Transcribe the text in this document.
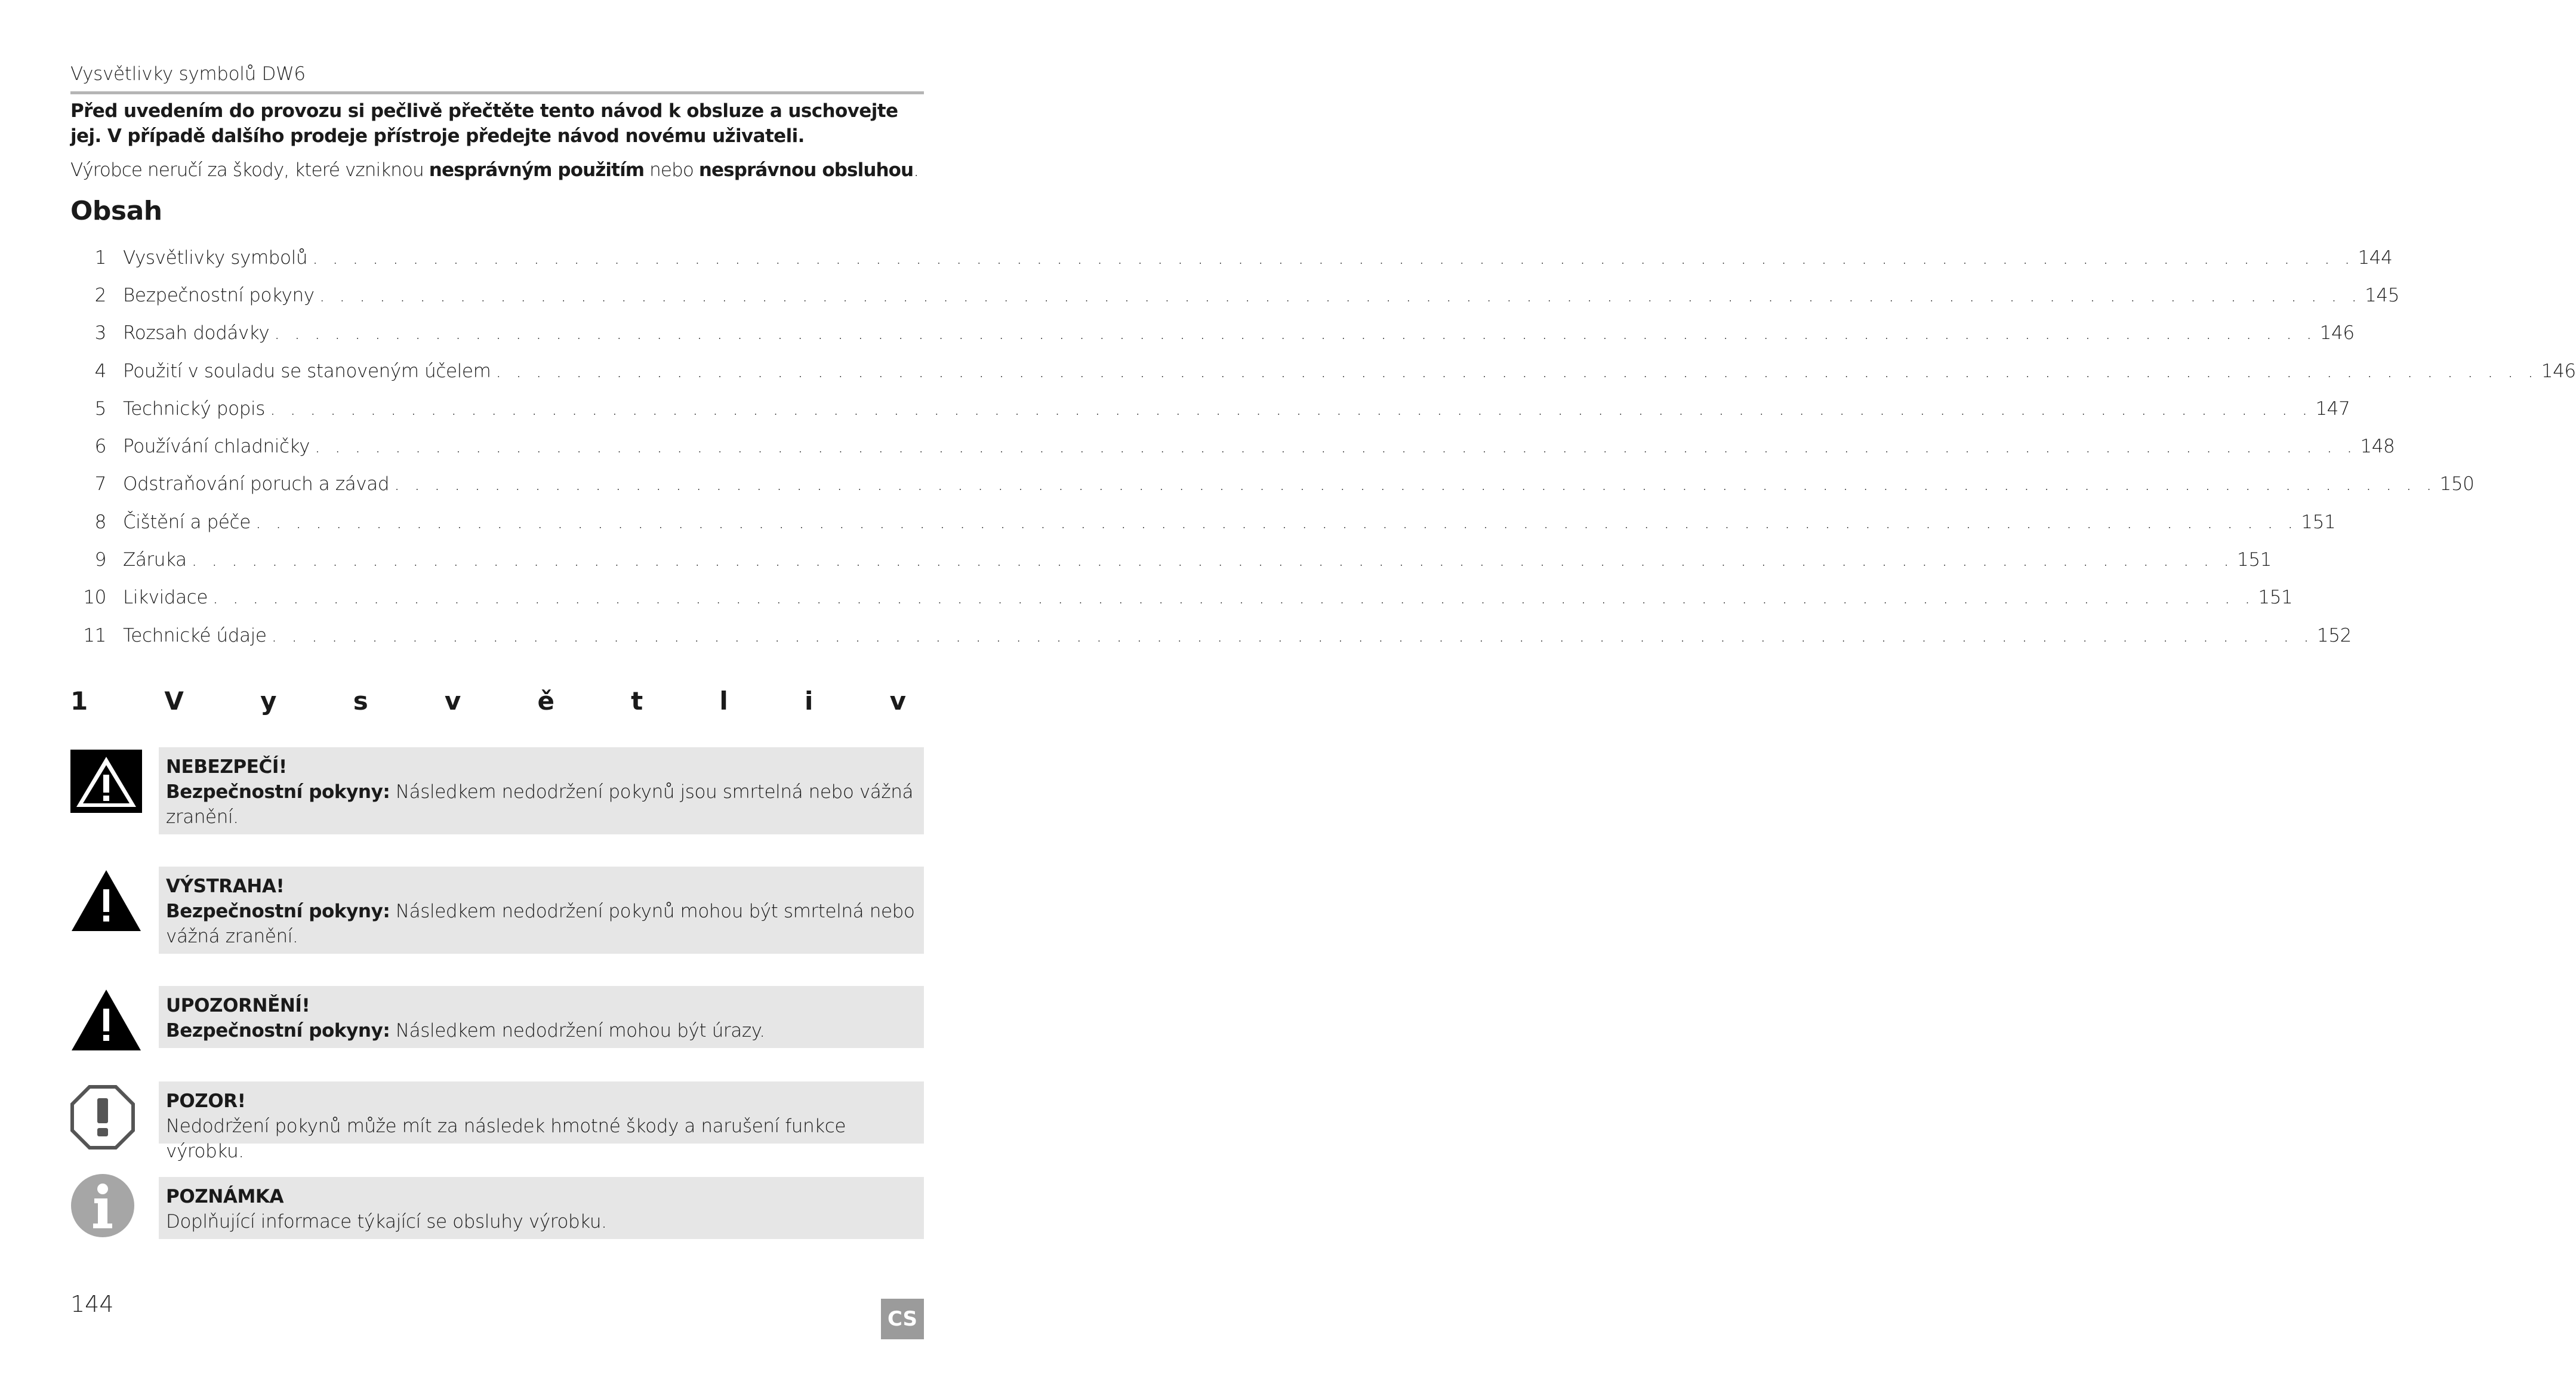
Vysvětlivky symbolů DW6

Před uvedením do provozu si pečlivě přečtěte tento návod k obsluze a uschovejte jej. V případě dalšího prodeje přístroje předejte návod novému uživateli.

Výrobce neručí za škody, které vzniknou nesprávným použitím nebo nesprávnou obsluhou.

Obsah
1 Vysvětlivky symbolů . . . . . . . . . . . . . . . . . . . . . . . . . . . . . . . . . . . . . . . . . . . . . . . . . . . . . . . . . . . . . . . . . . . . . . . . . . . . . . . . . . . . . . . . . . . . . . . . . . . . . . 144
2 Bezpečnostní pokyny . . . . . . . . . . . . . . . . . . . . . . . . . . . . . . . . . . . . . . . . . . . . . . . . . . . . . . . . . . . . . . . . . . . . . . . . . . . . . . . . . . . . . . . . . . . . . . . . . . . . . . 145
3 Rozsah dodávky . . . . . . . . . . . . . . . . . . . . . . . . . . . . . . . . . . . . . . . . . . . . . . . . . . . . . . . . . . . . . . . . . . . . . . . . . . . . . . . . . . . . . . . . . . . . . . . . . . . . . . 146
4 Použití v souladu se stanoveným účelem . . . . . . . . . . . . . . . . . . . . . . . . . . . . . . . . . . . . . . . . . . . . . . . . . . . . . . . . . . . . . . . . . . . . . . . . . . . . . . . . . . . . . . . . . . . . . . . . . . . . . . 146
5 Technický popis . . . . . . . . . . . . . . . . . . . . . . . . . . . . . . . . . . . . . . . . . . . . . . . . . . . . . . . . . . . . . . . . . . . . . . . . . . . . . . . . . . . . . . . . . . . . . . . . . . . . . . 147
6 Používání chladničky . . . . . . . . . . . . . . . . . . . . . . . . . . . . . . . . . . . . . . . . . . . . . . . . . . . . . . . . . . . . . . . . . . . . . . . . . . . . . . . . . . . . . . . . . . . . . . . . . . . . . . 148
7 Odstraňování poruch a závad . . . . . . . . . . . . . . . . . . . . . . . . . . . . . . . . . . . . . . . . . . . . . . . . . . . . . . . . . . . . . . . . . . . . . . . . . . . . . . . . . . . . . . . . . . . . . . . . . . . . . . 150
8 Čištění a péče . . . . . . . . . . . . . . . . . . . . . . . . . . . . . . . . . . . . . . . . . . . . . . . . . . . . . . . . . . . . . . . . . . . . . . . . . . . . . . . . . . . . . . . . . . . . . . . . . . . . . . 151
9 Záruka . . . . . . . . . . . . . . . . . . . . . . . . . . . . . . . . . . . . . . . . . . . . . . . . . . . . . . . . . . . . . . . . . . . . . . . . . . . . . . . . . . . . . . . . . . . . . . . . . . . . . . 151
10 Likvidace . . . . . . . . . . . . . . . . . . . . . . . . . . . . . . . . . . . . . . . . . . . . . . . . . . . . . . . . . . . . . . . . . . . . . . . . . . . . . . . . . . . . . . . . . . . . . . . . . . . . . . 151
11 Technické údaje . . . . . . . . . . . . . . . . . . . . . . . . . . . . . . . . . . . . . . . . . . . . . . . . . . . . . . . . . . . . . . . . . . . . . . . . . . . . . . . . . . . . . . . . . . . . . . . . . . . . . . 152
1	V	y	s	v	ě	t	l	i	v
NEBEZPEČÍ!
Bezpečnostní pokyny: Následkem nedodržení pokynů jsou smrtelná nebo vážná zranění.
VÝSTRAHA!
Bezpečnostní pokyny: Následkem nedodržení pokynů mohou být smrtelná nebo vážná zranění.
UPOZORNĚNÍ!
Bezpečnostní pokyny: Následkem nedodržení mohou být úrazy.
POZOR!
Nedodržení pokynů může mít za následek hmotné škody a narušení funkce výrobku.
POZNÁMKA
Doplňující informace týkající se obsluhy výrobku.
144
CS
